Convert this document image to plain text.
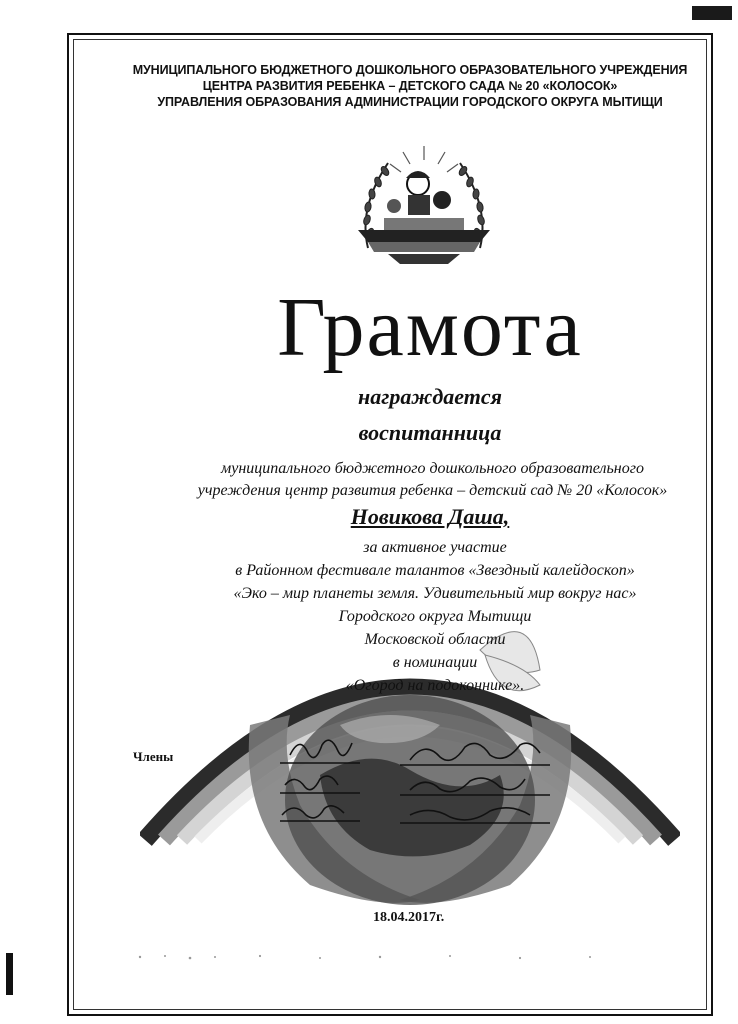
МУНИЦИПАЛЬНОГО БЮДЖЕТНОГО ДОШКОЛЬНОГО ОБРАЗОВАТЕЛЬНОГО УЧРЕЖДЕНИЯ
ЦЕНТРА РАЗВИТИЯ РЕБЕНКА – ДЕТСКОГО САДА № 20 «КОЛОСОК»
УПРАВЛЕНИЯ ОБРАЗОВАНИЯ АДМИНИСТРАЦИИ ГОРОДСКОГО ОКРУГА МЫТИЩИ
Грамота
награждается
воспитанница
муниципального бюджетного дошкольного образовательного
учреждения центр развития ребенка – детский сад № 20 «Колосок»
Новикова Даша,
за активное участие
в Районном фестивале талантов «Звездный калейдоскоп»
«Эко – мир планеты земля. Удивительный мир вокруг нас»
Городского округа Мытищи
Московской области
в номинации
«Огород на подоконнике».
Члены
18.04.2017г.
